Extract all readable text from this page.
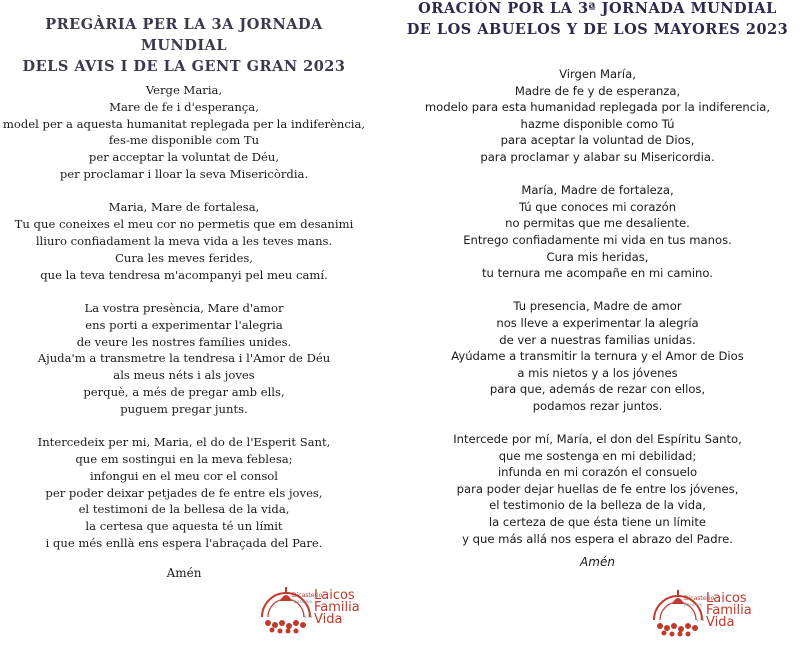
PREGÀRIA PER LA 3A JORNADA MUNDIAL
DELS AVIS I DE LA GENT GRAN 2023

Verge Maria,
Mare de fe i d'esperança,
model per a aquesta humanitat replegada per la indiferència,
fes-me disponible com Tu
per acceptar la voluntat de Déu,
per proclamar i lloar la seva Misericòrdia.

Maria, Mare de fortalesa,
Tu que coneixes el meu cor no permetis que em desanimi
lliuro confiadament la meva vida a les teves mans.
Cura les meves ferides,
que la teva tendresa m'acompanyi pel meu camí.

La vostra presència, Mare d'amor
ens porti a experimentar l'alegria
de veure les nostres famílies unides.
Ajuda'm a transmetre la tendresa i l'Amor de Déu
als meus néts i als joves
perquè, a més de pregar amb ells,
puguem pregar junts.

Intercedeix per mi, Maria, el do de l'Esperit Sant,
que em sostingui en la meva feblesa;
infongui en el meu cor el consol
per poder deixar petjades de fe entre els joves,
el testimoni de la bellesa de la vida,
la certesa que aquesta té un límit
i que més enllà ens espera l'abraçada del Pare.

Amén
Dicasterio
para los Laicos
Familia
y la Vida
ORACIÓN POR LA 3ª JORNADA MUNDIAL
DE LOS ABUELOS Y DE LOS MAYORES 2023

Virgen María,
Madre de fe y de esperanza,
modelo para esta humanidad replegada por la indiferencia,
hazme disponible como Tú
para aceptar la voluntad de Dios,
para proclamar y alabar su Misericordia.

María, Madre de fortaleza,
Tú que conoces mi corazón
no permitas que me desaliente.
Entrego confiadamente mi vida en tus manos.
Cura mis heridas,
tu ternura me acompañe en mi camino.

Tu presencia, Madre de amor
nos lleve a experimentar la alegría
de ver a nuestras familias unidas.
Ayúdame a transmitir la ternura y el Amor de Dios
a mis nietos y a los jóvenes
para que, además de rezar con ellos,
podamos rezar juntos.

Intercede por mí, María, el don del Espíritu Santo,
que me sostenga en mi debilidad;
infunda en mi corazón el consuelo
para poder dejar huellas de fe entre los jóvenes,
el testimonio de la belleza de la vida,
la certeza de que ésta tiene un límite
y que más allá nos espera el abrazo del Padre.

Amén
Dicasterio
para los Laicos
Familia
y la Vida
